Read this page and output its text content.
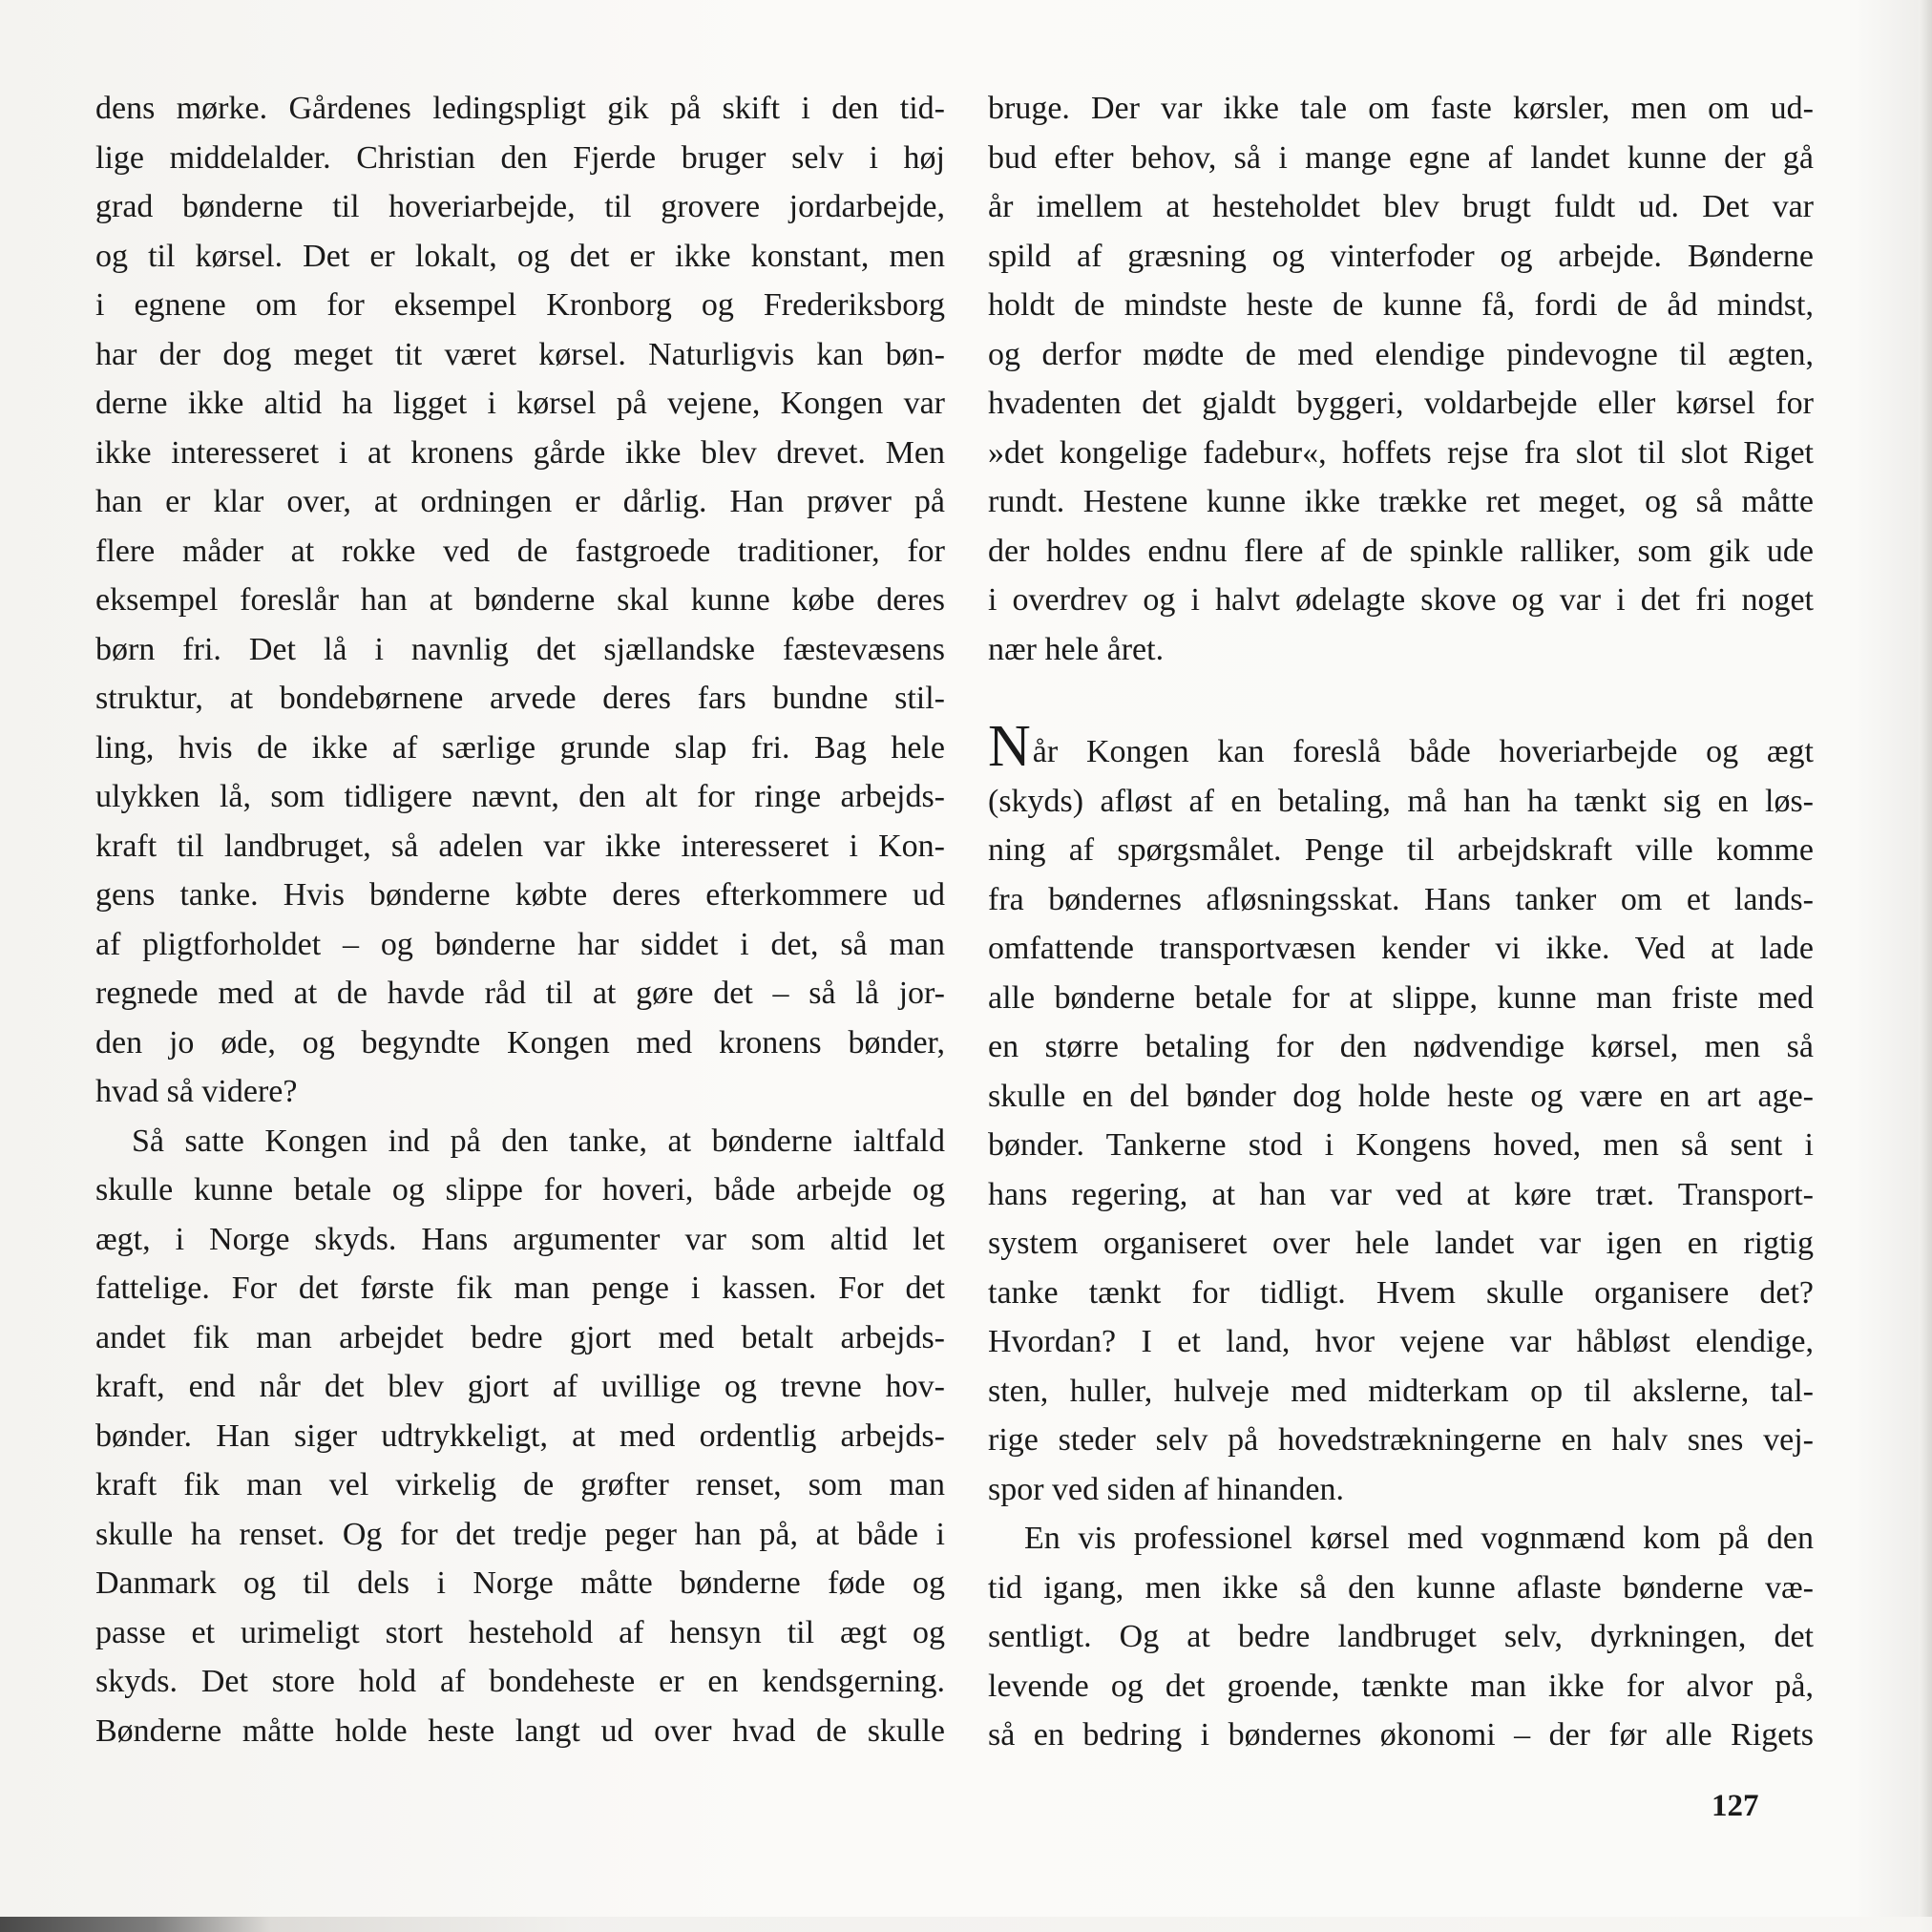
dens mørke. Gårdenes ledingspligt gik på skift i den tid-
lige middelalder. Christian den Fjerde bruger selv i høj
grad bønderne til hoveriarbejde, til grovere jordarbejde,
og til kørsel. Det er lokalt, og det er ikke konstant, men
i egnene om for eksempel Kronborg og Frederiksborg
har der dog meget tit været kørsel. Naturligvis kan bøn-
derne ikke altid ha ligget i kørsel på vejene, Kongen var
ikke interesseret i at kronens gårde ikke blev drevet. Men
han er klar over, at ordningen er dårlig. Han prøver på
flere måder at rokke ved de fastgroede traditioner, for
eksempel foreslår han at bønderne skal kunne købe deres
børn fri. Det lå i navnlig det sjællandske fæstevæsens
struktur, at bondebørnene arvede deres fars bundne stil-
ling, hvis de ikke af særlige grunde slap fri. Bag hele
ulykken lå, som tidligere nævnt, den alt for ringe arbejds-
kraft til landbruget, så adelen var ikke interesseret i Kon-
gens tanke. Hvis bønderne købte deres efterkommere ud
af pligtforholdet – og bønderne har siddet i det, så man
regnede med at de havde råd til at gøre det – så lå jor-
den jo øde, og begyndte Kongen med kronens bønder,
hvad så videre?
Så satte Kongen ind på den tanke, at bønderne ialtfald
skulle kunne betale og slippe for hoveri, både arbejde og
ægt, i Norge skyds. Hans argumenter var som altid let
fattelige. For det første fik man penge i kassen. For det
andet fik man arbejdet bedre gjort med betalt arbejds-
kraft, end når det blev gjort af uvillige og trevne hov-
bønder. Han siger udtrykkeligt, at med ordentlig arbejds-
kraft fik man vel virkelig de grøfter renset, som man
skulle ha renset. Og for det tredje peger han på, at både i
Danmark og til dels i Norge måtte bønderne føde og
passe et urimeligt stort hestehold af hensyn til ægt og
skyds. Det store hold af bondeheste er en kendsgerning.
Bønderne måtte holde heste langt ud over hvad de skulle
bruge. Der var ikke tale om faste kørsler, men om ud-
bud efter behov, så i mange egne af landet kunne der gå
år imellem at hesteholdet blev brugt fuldt ud. Det var
spild af græsning og vinterfoder og arbejde. Bønderne
holdt de mindste heste de kunne få, fordi de åd mindst,
og derfor mødte de med elendige pindevogne til ægten,
hvadenten det gjaldt byggeri, voldarbejde eller kørsel for
»det kongelige fadebur«, hoffets rejse fra slot til slot Riget
rundt. Hestene kunne ikke trække ret meget, og så måtte
der holdes endnu flere af de spinkle ralliker, som gik ude
i overdrev og i halvt ødelagte skove og var i det fri noget
nær hele året.
Når Kongen kan foreslå både hoveriarbejde og ægt
(skyds) afløst af en betaling, må han ha tænkt sig en løs-
ning af spørgsmålet. Penge til arbejdskraft ville komme
fra bøndernes afløsningsskat. Hans tanker om et lands-
omfattende transportvæsen kender vi ikke. Ved at lade
alle bønderne betale for at slippe, kunne man friste med
en større betaling for den nødvendige kørsel, men så
skulle en del bønder dog holde heste og være en art age-
bønder. Tankerne stod i Kongens hoved, men så sent i
hans regering, at han var ved at køre træt. Transport-
system organiseret over hele landet var igen en rigtig
tanke tænkt for tidligt. Hvem skulle organisere det?
Hvordan? I et land, hvor vejene var håbløst elendige,
sten, huller, hulveje med midterkam op til akslerne, tal-
rige steder selv på hovedstrækningerne en halv snes vej-
spor ved siden af hinanden.
En vis professionel kørsel med vognmænd kom på den
tid igang, men ikke så den kunne aflaste bønderne væ-
sentligt. Og at bedre landbruget selv, dyrkningen, det
levende og det groende, tænkte man ikke for alvor på,
så en bedring i bøndernes økonomi – der før alle Rigets
127
